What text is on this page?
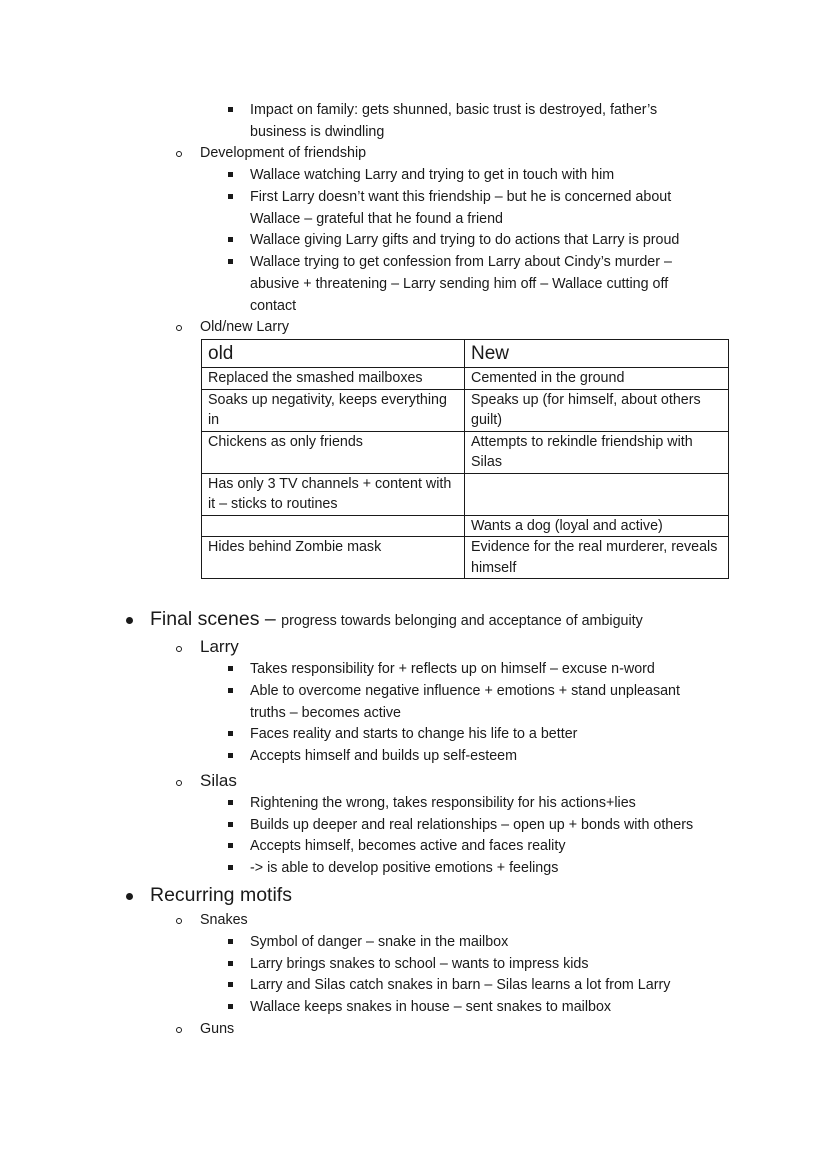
Impact on family: gets shunned, basic trust is destroyed, father’s
business is dwindling
Development of friendship
Wallace watching Larry and trying to get in touch with him
First Larry doesn’t want this friendship – but he is concerned about
Wallace – grateful that he found a friend
Wallace giving Larry gifts and trying to do actions that Larry is proud
Wallace trying to get confession from Larry about Cindy’s murder –
abusive + threatening – Larry sending him off – Wallace cutting off
contact
Old/new Larry
old	New
Replaced the smashed mailboxes	Cemented in the ground
Soaks up negativity, keeps everything in	Speaks up (for himself, about others guilt)
Chickens as only friends	Attempts to rekindle friendship with Silas
Has only 3 TV channels + content with it – sticks to routines	
	Wants a dog (loyal and active)
Hides behind Zombie mask	Evidence for the real murderer, reveals himself
Final scenes – progress towards belonging and acceptance of ambiguity
Larry
Takes responsibility for + reflects up on himself – excuse n-word
Able to overcome negative influence + emotions + stand unpleasant
truths – becomes active
Faces reality and starts to change his life to a better
Accepts himself and builds up self-esteem
Silas
Rightening the wrong, takes responsibility for his actions+lies
Builds up deeper and real relationships – open up + bonds with others
Accepts himself, becomes active and faces reality
-> is able to develop positive emotions + feelings
Recurring motifs
Snakes
Symbol of danger – snake in the mailbox
Larry brings snakes to school – wants to impress kids
Larry and Silas catch snakes in barn – Silas learns a lot from Larry
Wallace keeps snakes in house – sent snakes to mailbox
Guns
